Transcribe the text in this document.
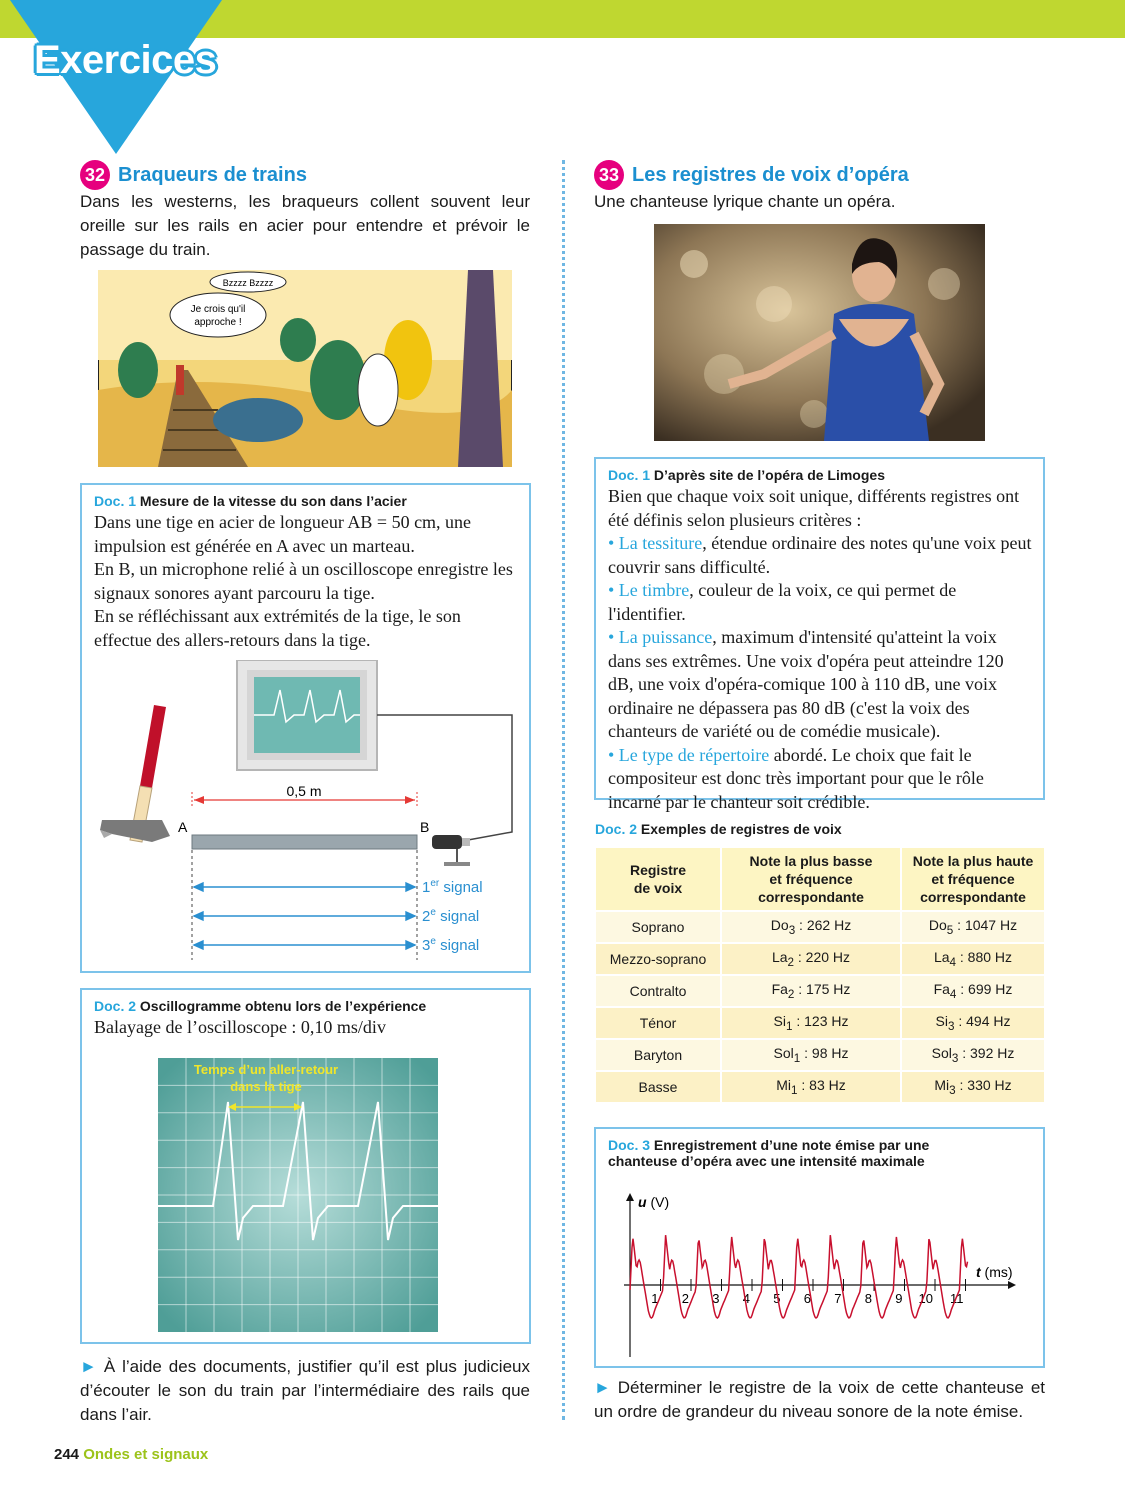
Exercices
32 Braqueurs de trains
Dans les westerns, les braqueurs collent souvent leur oreille sur les rails en acier pour entendre et prévoir le passage du train.
Bzzzz Bzzzz
Je crois qu'il
approche !
Doc. 1 Mesure de la vitesse du son dans l’acier
Dans une tige en acier de longueur AB = 50 cm, une impulsion est générée en A avec un marteau.
En B, un microphone relié à un oscilloscope enregistre les signaux sonores ayant parcouru la tige.
En se réfléchissant aux extrémités de la tige, le son effectue des allers-retours dans la tige.
0,5 m
A	B
1er signal
2e signal
3e signal
Doc. 2 Oscillogramme obtenu lors de l’expérience
Balayage de l’oscilloscope : 0,10 ms/div
Temps d’un aller-retour
dans la tige
► À l’aide des documents, justifier qu’il est plus judicieux d’écouter le son du train par l’intermédiaire des rails que dans l’air.
33 Les registres de voix d’opéra
Une chanteuse lyrique chante un opéra.
Doc. 1 D’après site de l’opéra de Limoges
Bien que chaque voix soit unique, différents registres ont été définis selon plusieurs critères :
• La tessiture, étendue ordinaire des notes qu'une voix peut couvrir sans difficulté.
• Le timbre, couleur de la voix, ce qui permet de l'identifier.
• La puissance, maximum d'intensité qu'atteint la voix dans ses extrêmes. Une voix d'opéra peut atteindre 120 dB, une voix d'opéra-comique 100 à 110 dB, une voix ordinaire ne dépassera pas 80 dB (c'est la voix des chanteurs de variété ou de comédie musicale).
• Le type de répertoire abordé. Le choix que fait le compositeur est donc très important pour que le rôle incarné par le chanteur soit crédible.
Doc. 2 Exemples de registres de voix
Registre
de voix	Note la plus basse
et fréquence
correspondante	Note la plus haute
et fréquence
correspondante
Soprano	$Do_3$ : 262 Hz	$Do_5$ : 1047 Hz
Mezzo-soprano	$La_2$ : 220 Hz	$La_4$ : 880 Hz
Contralto	$Fa_2$ : 175 Hz	$Fa_4$ : 699 Hz
Ténor	$Si_1$ : 123 Hz	$Si_3$ : 494 Hz
Baryton	Sol$_1$ : 98 Hz	Sol$_3$ : 392 Hz
Basse	$Mi_1$ : 83 Hz	$Mi_3$ : 330 Hz
Doc. 3 Enregistrement d’une note émise par une
chanteuse d’opéra avec une intensité maximale
u (V)
t (ms)
1 2 3 4 5 6 7 8 9 10 11
► Déterminer le registre de la voix de cette chanteuse et un ordre de grandeur du niveau sonore de la note émise.
244 Ondes et signaux
